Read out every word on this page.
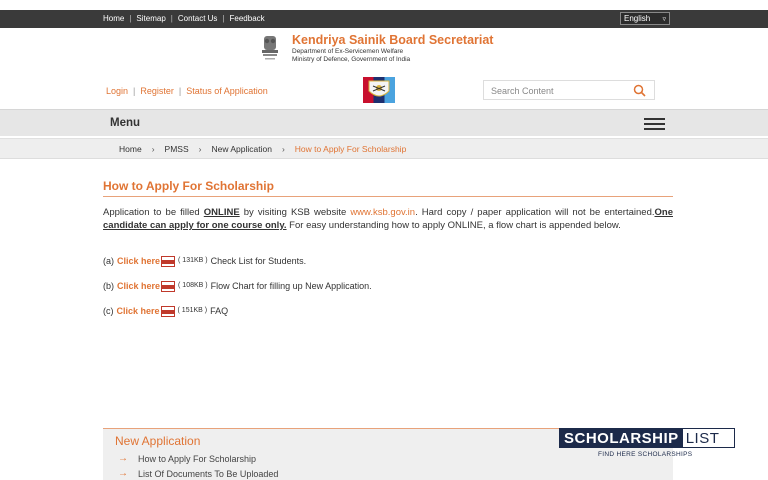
Home | Sitemap | Contact Us | Feedback	English ▿
Kendriya Sainik Board Secretariat
Department of Ex-Servicemen Welfare
Ministry of Defence, Government of India
Login | Register | Status of Application
Search Content
Menu
Home › PMSS › New Application › How to Apply For Scholarship
How to Apply For Scholarship
Application to be filled ONLINE by visiting KSB website www.ksb.gov.in. Hard copy / paper application will not be entertained.One candidate can apply for one course only. For easy understanding how to apply ONLINE, a flow chart is appended below.
(a) Click here	( 131KB ) Check List for Students.
(b) Click here	( 108KB ) Flow Chart for filling up New Application.
(c) Click here	( 151KB ) FAQ
New Application
→ How to Apply For Scholarship
→ List Of Documents To Be Uploaded
SCHOLARSHIP LIST
FIND HERE SCHOLARSHIPS
